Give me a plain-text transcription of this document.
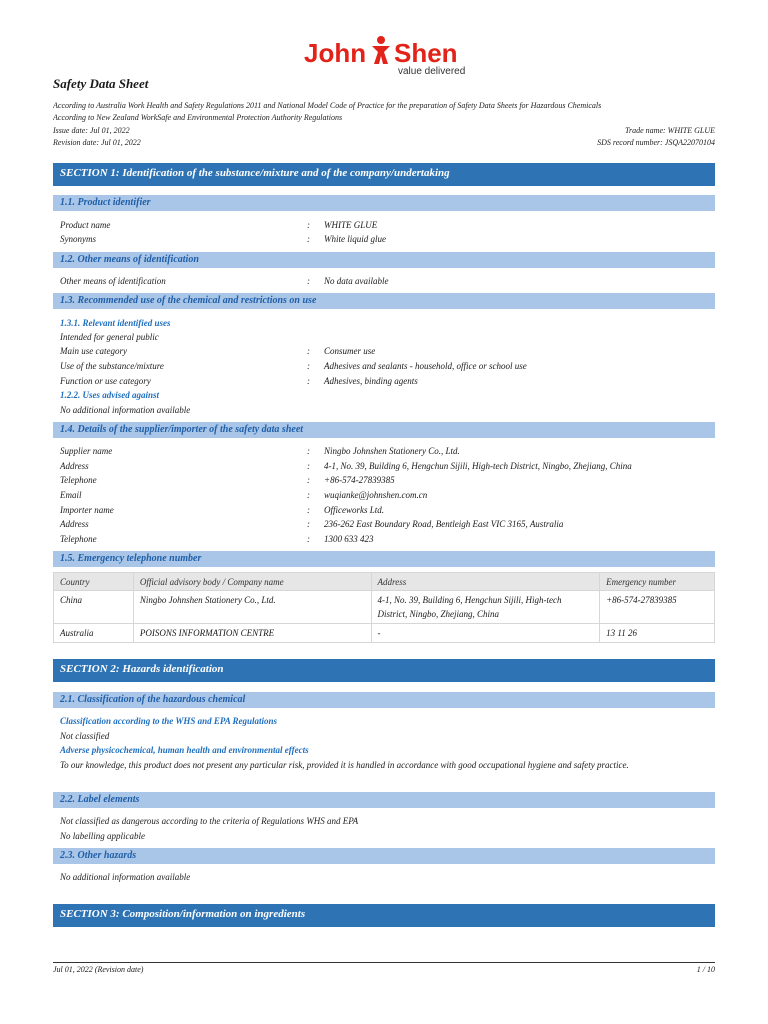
John Shen
value delivered
Safety Data Sheet
According to Australia Work Health and Safety Regulations 2011 and National Model Code of Practice for the preparation of Safety Data Sheets for Hazardous Chemicals
According to New Zealand WorkSafe and Environmental Protection Authority Regulations
Issue date: Jul 01, 2022	Trade name: WHITE GLUE
Revision date: Jul 01, 2022	SDS record number: JSQA22070104
SECTION 1: Identification of the substance/mixture and of the company/undertaking
1.1. Product identifier
Product name	: WHITE GLUE
Synonyms	: White liquid glue
1.2. Other means of identification
Other means of identification	: No data available
1.3. Recommended use of the chemical and restrictions on use
1.3.1. Relevant identified uses
Intended for general public
Main use category	: Consumer use
Use of the substance/mixture	: Adhesives and sealants - household, office or school use
Function or use category	: Adhesives, binding agents
1.2.2. Uses advised against
No additional information available
1.4. Details of the supplier/importer of the safety data sheet
Supplier name	: Ningbo Johnshen Stationery Co., Ltd.
Address	: 4-1, No. 39, Building 6, Hengchun Sijili, High-tech District, Ningbo, Zhejiang, China
Telephone	: +86-574-27839385
Email	: wuqianke@johnshen.com.cn
Importer name	: Officeworks Ltd.
Address	: 236-262 East Boundary Road, Bentleigh East VIC 3165, Australia
Telephone	: 1300 633 423
1.5. Emergency telephone number
Country	Official advisory body / Company name	Address	Emergency number
China	Ningbo Johnshen Stationery Co., Ltd.	4-1, No. 39, Building 6, Hengchun Sijili, High-tech District, Ningbo, Zhejiang, China	+86-574-27839385
Australia	POISONS INFORMATION CENTRE	-	13 11 26
SECTION 2: Hazards identification
2.1. Classification of the hazardous chemical
Classification according to the WHS and EPA Regulations
Not classified
Adverse physicochemical, human health and environmental effects
To our knowledge, this product does not present any particular risk, provided it is handled in accordance with good occupational hygiene and safety practice.
2.2. Label elements
Not classified as dangerous according to the criteria of Regulations WHS and EPA
No labelling applicable
2.3. Other hazards
No additional information available
SECTION 3: Composition/information on ingredients
Jul 01, 2022 (Revision date)	1 / 10
